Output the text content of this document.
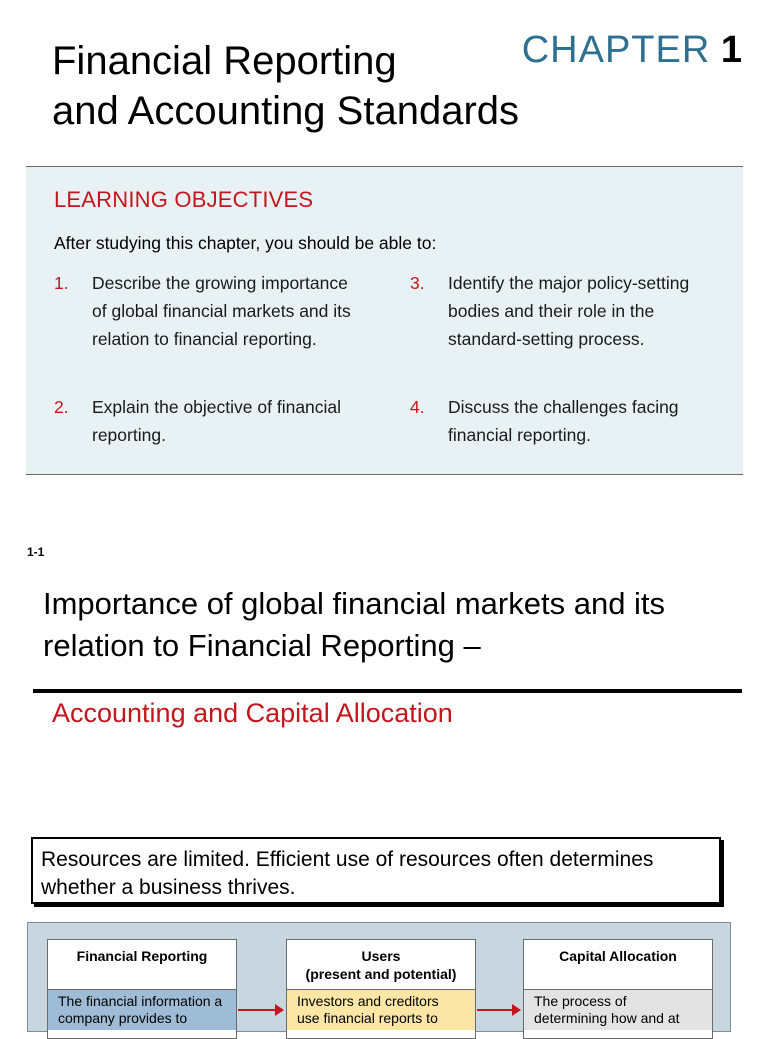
Financial Reporting
and Accounting Standards
CHAPTER 1
LEARNING OBJECTIVES
After studying this chapter, you should be able to:
1. Describe the growing importance of global financial markets and its relation to financial reporting.
2. Explain the objective of financial reporting.
3. Identify the major policy-setting bodies and their role in the standard-setting process.
4. Discuss the challenges facing financial reporting.
1-1
Importance of global financial markets and its relation to Financial Reporting –
Accounting and Capital Allocation
Resources are limited. Efficient use of resources often determines whether a business thrives.
Financial Reporting
The financial information a company provides to
Users
(present and potential)
Investors and creditors use financial reports to
Capital Allocation
The process of determining how and at
